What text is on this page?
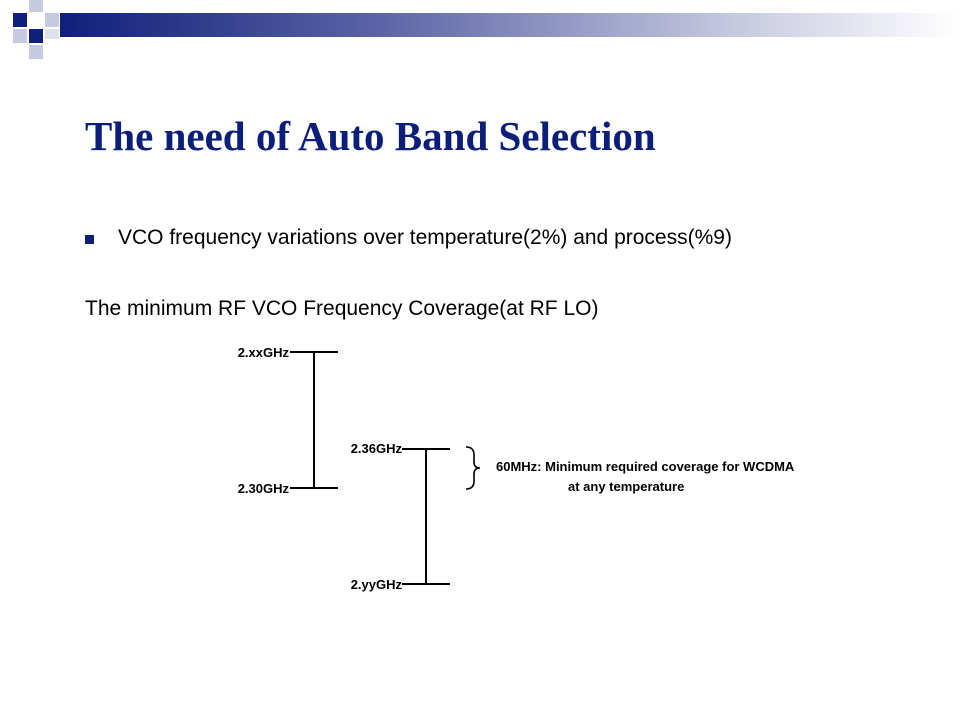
The need of Auto Band Selection
VCO frequency variations over temperature(2%) and process(%9)
The minimum RF VCO Frequency Coverage(at RF LO)
2.xxGHz
2.30GHz
2.36GHz
2.yyGHz
60MHz: Minimum required coverage for WCDMA
at any temperature
